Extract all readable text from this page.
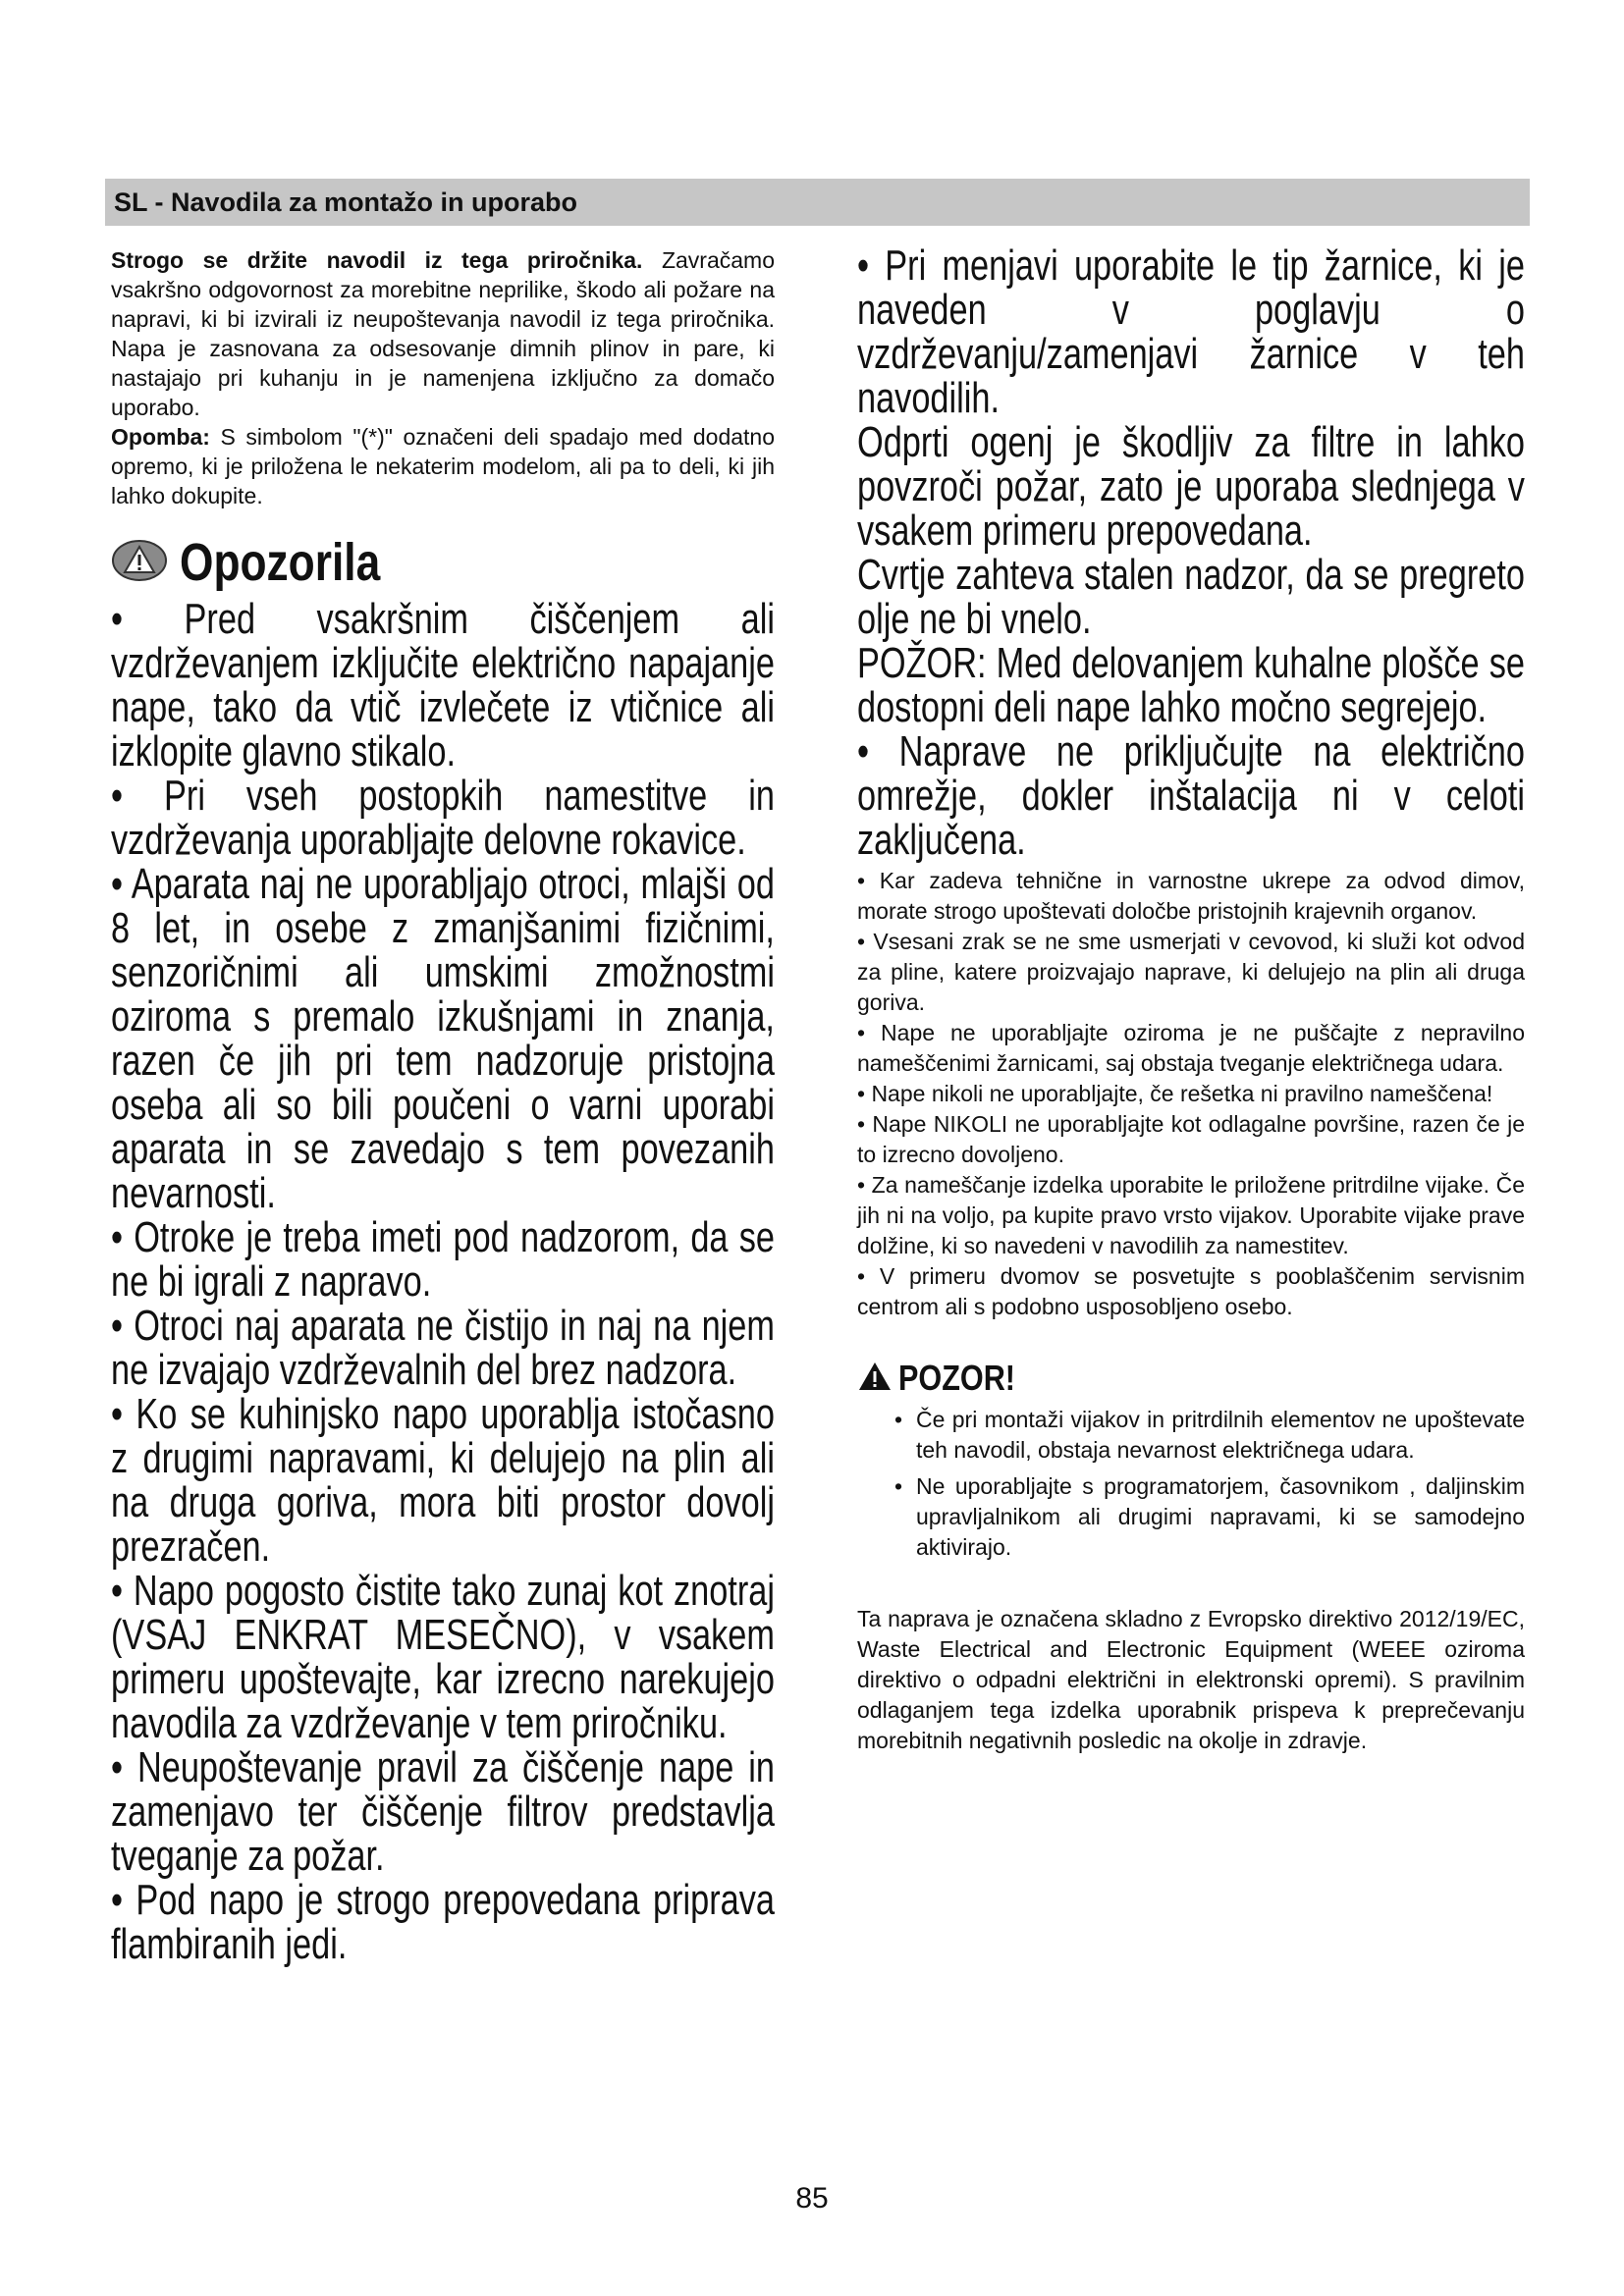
SL - Navodila za montažo in uporabo

Strogo se držite navodil iz tega priročnika. Zavračamo vsakršno odgovornost za morebitne neprilike, škodo ali požare na napravi, ki bi izvirali iz neupoštevanja navodil iz tega priročnika. Napa je zasnovana za odsesovanje dimnih plinov in pare, ki nastajajo pri kuhanju in je namenjena izključno za domačo uporabo.

Opomba: S simbolom "(*)" označeni deli spadajo med dodatno opremo, ki je priložena le nekaterim modelom, ali pa to deli, ki jih lahko dokupite.

Opozorila

• Pred vsakršnim čiščenjem ali vzdrževanjem izključite električno napajanje nape, tako da vtič izvlečete iz vtičnice ali izklopite glavno stikalo.

• Pri vseh postopkih namestitve in vzdrževanja uporabljajte delovne rokavice.

• Aparata naj ne uporabljajo otroci, mlajši od 8 let, in osebe z zmanjšanimi fizičnimi, senzoričnimi ali umskimi zmožnostmi oziroma s premalo izkušnjami in znanja, razen če jih pri tem nadzoruje pristojna oseba ali so bili poučeni o varni uporabi aparata in se zavedajo s tem povezanih nevarnosti.

• Otroke je treba imeti pod nadzorom, da se ne bi igrali z napravo.

• Otroci naj aparata ne čistijo in naj na njem ne izvajajo vzdrževalnih del brez nadzora.

• Ko se kuhinjsko napo uporablja istočasno z drugimi napravami, ki delujejo na plin ali na druga goriva, mora biti prostor dovolj prezračen.

• Napo pogosto čistite tako zunaj kot znotraj (VSAJ ENKRAT MESEČNO), v vsakem primeru upoštevajte, kar izrecno narekujejo navodila za vzdrževanje v tem priročniku.

• Neupoštevanje pravil za čiščenje nape in zamenjavo ter čiščenje filtrov predstavlja tveganje za požar.

• Pod napo je strogo prepovedana priprava flambiranih jedi.

• Pri menjavi uporabite le tip žarnice, ki je naveden v poglavju o vzdrževanju/zamenjavi žarnice v teh navodilih.

Odprti ogenj je škodljiv za filtre in lahko povzroči požar, zato je uporaba slednjega v vsakem primeru prepovedana.

Cvrtje zahteva stalen nadzor, da se pregreto olje ne bi vnelo.

POŽOR: Med delovanjem kuhalne plošče se dostopni deli nape lahko močno segrejejo.

• Naprave ne priključujte na električno omrežje, dokler inštalacija ni v celoti zaključena.

• Kar zadeva tehnične in varnostne ukrepe za odvod dimov, morate strogo upoštevati določbe pristojnih krajevnih organov.

• Vsesani zrak se ne sme usmerjati v cevovod, ki služi kot odvod za pline, katere proizvajajo naprave, ki delujejo na plin ali druga goriva.

• Nape ne uporabljajte oziroma je ne puščajte z nepravilno nameščenimi žarnicami, saj obstaja tveganje električnega udara.

• Nape nikoli ne uporabljajte, če rešetka ni pravilno nameščena!

• Nape NIKOLI ne uporabljajte kot odlagalne površine, razen če je to izrecno dovoljeno.

• Za nameščanje izdelka uporabite le priložene pritrdilne vijake. Če jih ni na voljo, pa kupite pravo vrsto vijakov. Uporabite vijake prave dolžine, ki so navedeni v navodilih za namestitev.

• V primeru dvomov se posvetujte s pooblaščenim servisnim centrom ali s podobno usposobljeno osebo.

POZOR!

• Če pri montaži vijakov in pritrdilnih elementov ne upoštevate teh navodil, obstaja nevarnost električnega udara.

• Ne uporabljajte s programatorjem, časovnikom , daljinskim upravljalnikom ali drugimi napravami, ki se samodejno aktivirajo.

Ta naprava je označena skladno z Evropsko direktivo 2012/19/EC, Waste Electrical and Electronic Equipment (WEEE oziroma direktivo o odpadni električni in elektronski opremi). S pravilnim odlaganjem tega izdelka uporabnik prispeva k preprečevanju morebitnih negativnih posledic na okolje in zdravje.

85
